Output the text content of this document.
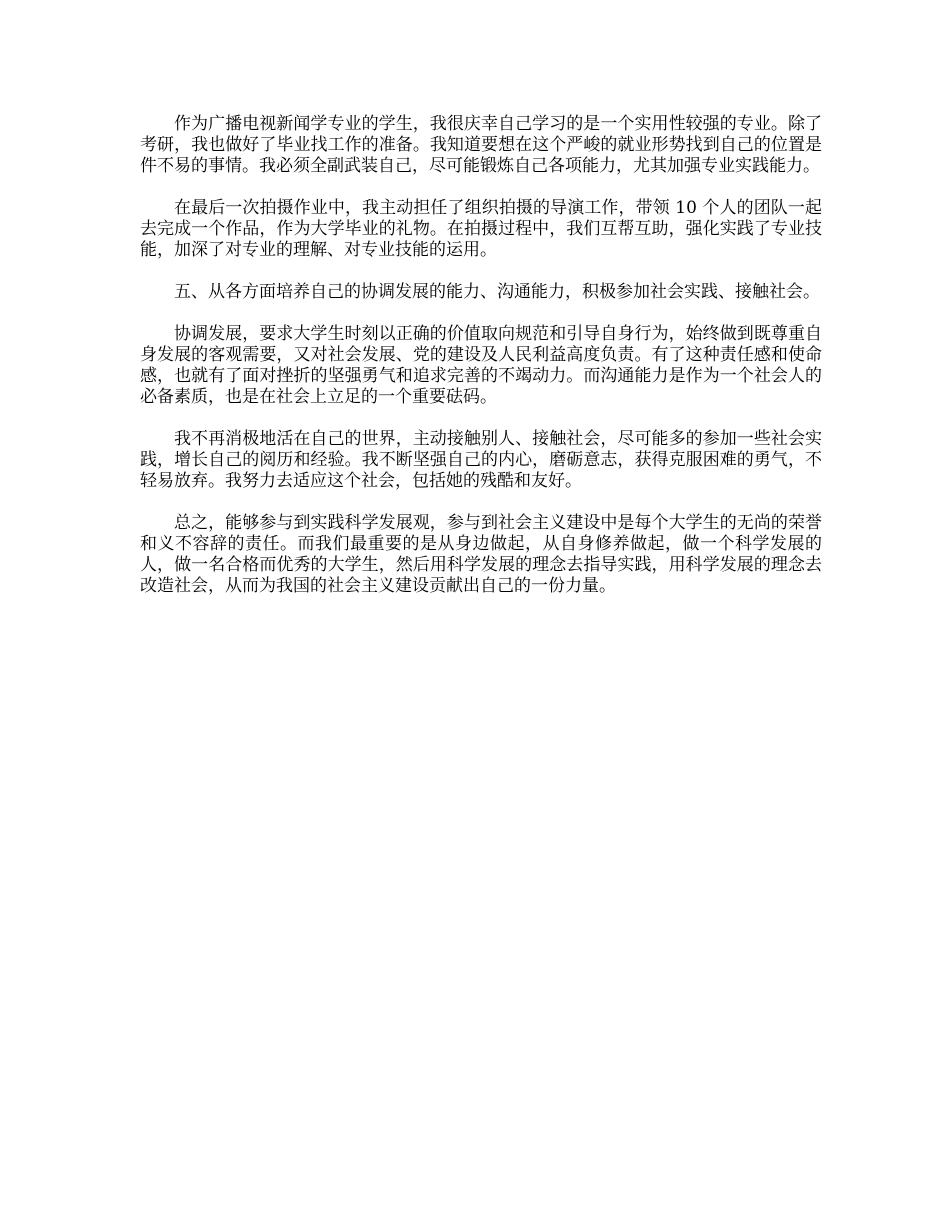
作为广播电视新闻学专业的学生，我很庆幸自己学习的是一个实用性较强的专业。除了考研，我也做好了毕业找工作的准备。我知道要想在这个严峻的就业形势找到自己的位置是件不易的事情。我必须全副武装自己，尽可能锻炼自己各项能力，尤其加强专业实践能力。

在最后一次拍摄作业中，我主动担任了组织拍摄的导演工作，带领 10 个人的团队一起去完成一个作品，作为大学毕业的礼物。在拍摄过程中，我们互帮互助，强化实践了专业技能，加深了对专业的理解、对专业技能的运用。

五、从各方面培养自己的协调发展的能力、沟通能力，积极参加社会实践、接触社会。

协调发展，要求大学生时刻以正确的价值取向规范和引导自身行为，始终做到既尊重自身发展的客观需要，又对社会发展、党的建设及人民利益高度负责。有了这种责任感和使命感，也就有了面对挫折的坚强勇气和追求完善的不竭动力。而沟通能力是作为一个社会人的必备素质，也是在社会上立足的一个重要砝码。

我不再消极地活在自己的世界，主动接触别人、接触社会，尽可能多的参加一些社会实践，增长自己的阅历和经验。我不断坚强自己的内心，磨砺意志，获得克服困难的勇气，不轻易放弃。我努力去适应这个社会，包括她的残酷和友好。

总之，能够参与到实践科学发展观，参与到社会主义建设中是每个大学生的无尚的荣誉和义不容辞的责任。而我们最重要的是从身边做起，从自身修养做起，做一个科学发展的人，做一名合格而优秀的大学生，然后用科学发展的理念去指导实践，用科学发展的理念去改造社会，从而为我国的社会主义建设贡献出自己的一份力量。
